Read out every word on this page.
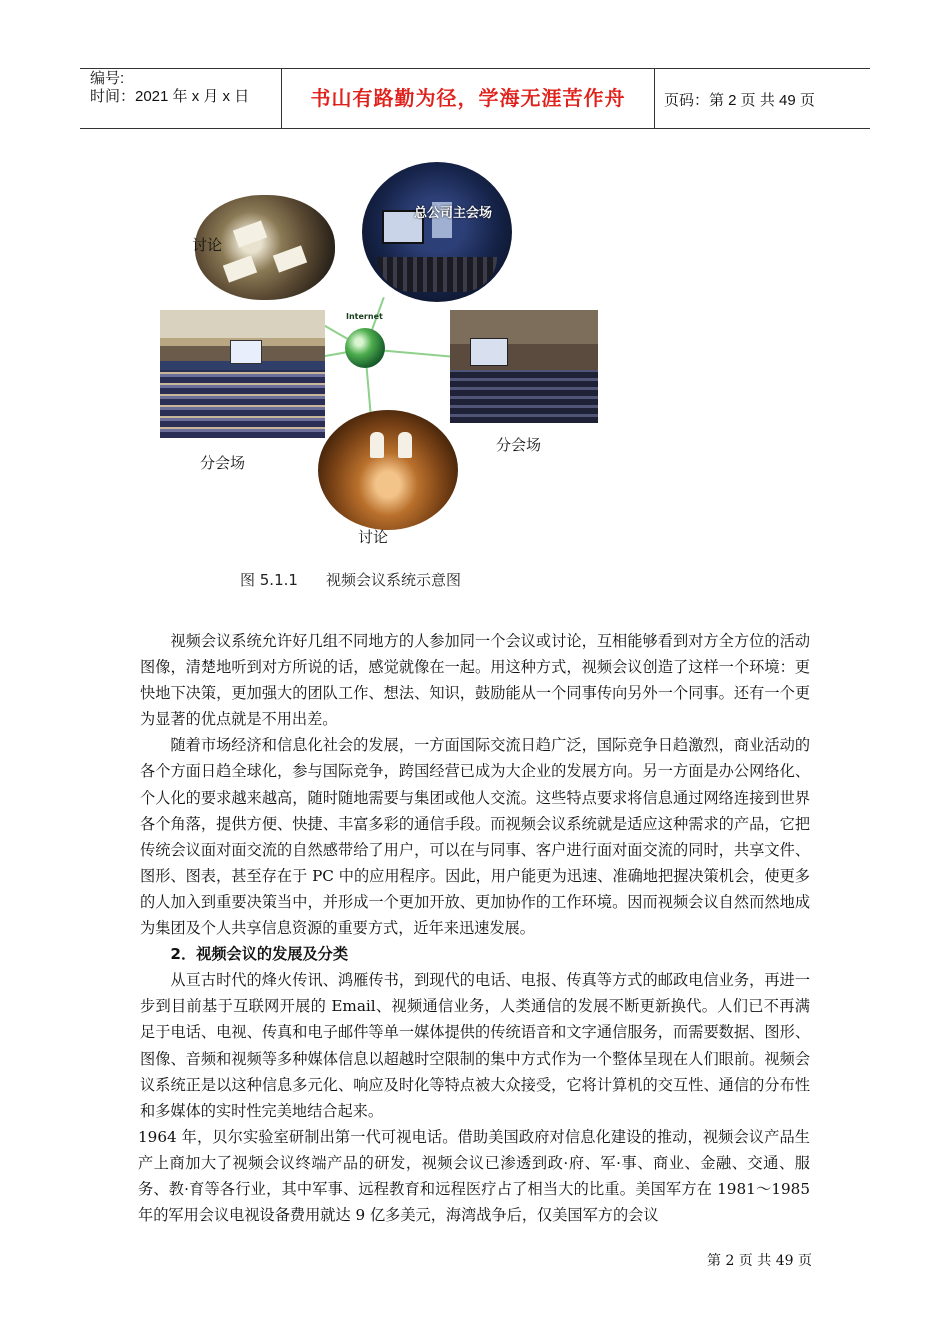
编号:
时间：2021 年 x 月 x 日	书山有路勤为径，学海无涯苦作舟	页码：第 2 页 共 49 页
讨论
总公司主会场
分会场
Internet
分会场
讨论
图 5.1.1 视频会议系统示意图

视频会议系统允许好几组不同地方的人参加同一个会议或讨论，互相能够看到对方全方位的活动图像，清楚地听到对方所说的话，感觉就像在一起。用这种方式，视频会议创造了这样一个环境：更快地下决策，更加强大的团队工作、想法、知识，鼓励能从一个同事传向另外一个同事。还有一个更为显著的优点就是不用出差。

随着市场经济和信息化社会的发展，一方面国际交流日趋广泛，国际竞争日趋激烈，商业活动的各个方面日趋全球化，参与国际竞争，跨国经营已成为大企业的发展方向。另一方面是办公网络化、个人化的要求越来越高，随时随地需要与集团或他人交流。这些特点要求将信息通过网络连接到世界各个角落，提供方便、快捷、丰富多彩的通信手段。而视频会议系统就是适应这种需求的产品，它把传统会议面对面交流的自然感带给了用户，可以在与同事、客户进行面对面交流的同时，共享文件、图形、图表，甚至存在于 PC 中的应用程序。因此，用户能更为迅速、准确地把握决策机会，使更多的人加入到重要决策当中，并形成一个更加开放、更加协作的工作环境。因而视频会议自然而然地成为集团及个人共享信息资源的重要方式，近年来迅速发展。

2．视频会议的发展及分类

从亘古时代的烽火传讯、鸿雁传书，到现代的电话、电报、传真等方式的邮政电信业务，再进一步到目前基于互联网开展的 Email、视频通信业务，人类通信的发展不断更新换代。人们已不再满足于电话、电视、传真和电子邮件等单一媒体提供的传统语音和文字通信服务，而需要数据、图形、图像、音频和视频等多种媒体信息以超越时空限制的集中方式作为一个整体呈现在人们眼前。视频会议系统正是以这种信息多元化、响应及时化等特点被大众接受，它将计算机的交互性、通信的分布性和多媒体的实时性完美地结合起来。

1964 年，贝尔实验室研制出第一代可视电话。借助美国政府对信息化建设的推动，视频会议产品生产上商加大了视频会议终端产品的研发，视频会议已渗透到政·府、军·事、商业、金融、交通、服务、教·育等各行业，其中军事、远程教育和远程医疗占了相当大的比重。美国军方在 1981～1985 年的军用会议电视设备费用就达 9 亿多美元，海湾战争后，仅美国军方的会议

第 2 页 共 49 页
